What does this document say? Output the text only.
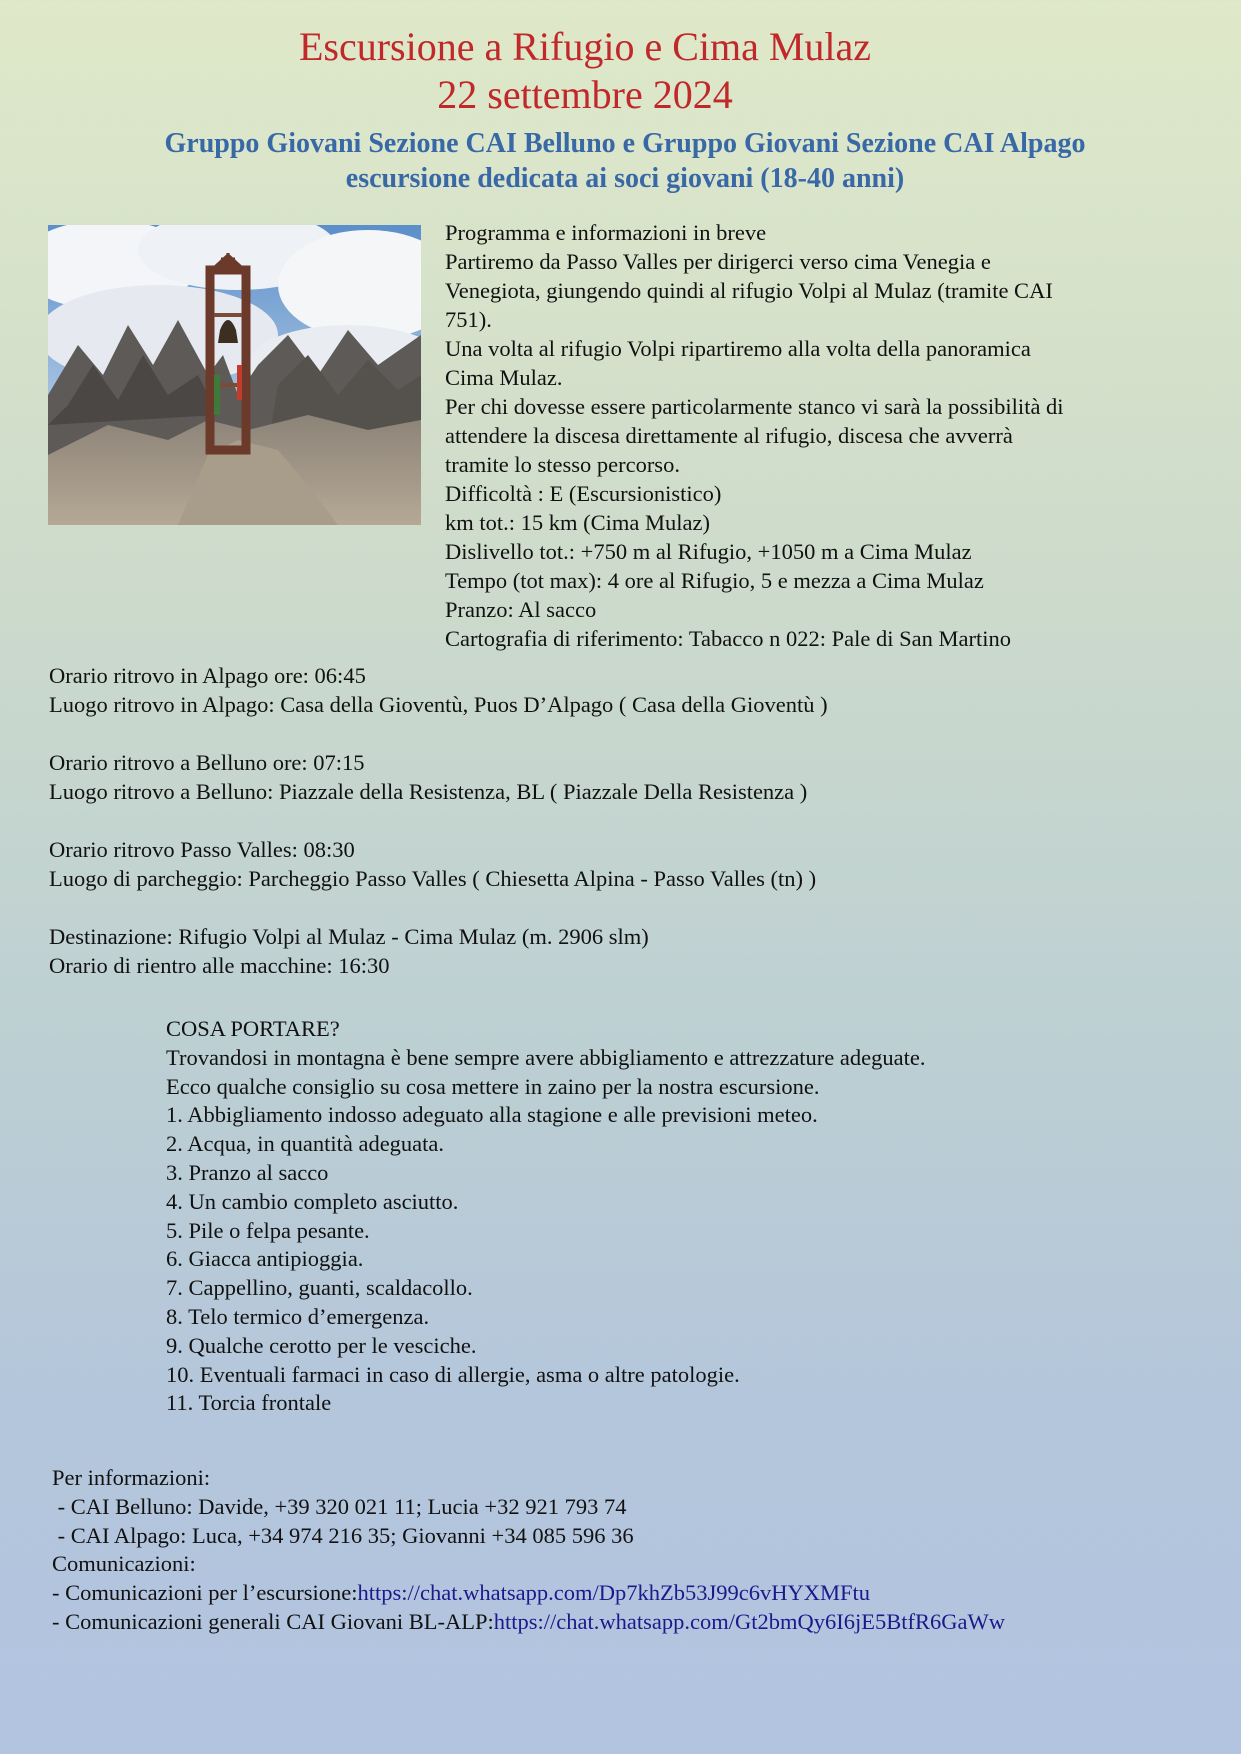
Escursione a Rifugio e Cima Mulaz
22 settembre 2024
Gruppo Giovani Sezione CAI Belluno e Gruppo Giovani Sezione CAI Alpago
escursione dedicata ai soci giovani (18-40 anni)
Programma e informazioni in breve
Partiremo da Passo Valles per dirigerci verso cima Venegia e
Venegiota, giungendo quindi al rifugio Volpi al Mulaz (tramite CAI
751).
Una volta al rifugio Volpi ripartiremo alla volta della panoramica
Cima Mulaz.
Per chi dovesse essere particolarmente stanco vi sarà la possibilità di
attendere la discesa direttamente al rifugio, discesa che avverrà
tramite lo stesso percorso.
Difficoltà : E (Escursionistico)
km tot.: 15 km (Cima Mulaz)
Dislivello tot.: +750 m al Rifugio, +1050 m a Cima Mulaz
Tempo (tot max): 4 ore al Rifugio, 5 e mezza a Cima Mulaz
Pranzo: Al sacco
Cartografia di riferimento: Tabacco n 022: Pale di San Martino
Orario ritrovo in Alpago ore: 06:45
Luogo ritrovo in Alpago: Casa della Gioventù, Puos D’Alpago ( Casa della Gioventù )
Orario ritrovo a Belluno ore: 07:15
Luogo ritrovo a Belluno: Piazzale della Resistenza, BL ( Piazzale Della Resistenza )
Orario ritrovo Passo Valles: 08:30
Luogo di parcheggio: Parcheggio Passo Valles ( Chiesetta Alpina - Passo Valles (tn) )
Destinazione: Rifugio Volpi al Mulaz - Cima Mulaz (m. 2906 slm)
Orario di rientro alle macchine: 16:30
COSA PORTARE?
Trovandosi in montagna è bene sempre avere abbigliamento e attrezzature adeguate.
Ecco qualche consiglio su cosa mettere in zaino per la nostra escursione.
1. Abbigliamento indosso adeguato alla stagione e alle previsioni meteo.
2. Acqua, in quantità adeguata.
3. Pranzo al sacco
4. Un cambio completo asciutto.
5. Pile o felpa pesante.
6. Giacca antipioggia.
7. Cappellino, guanti, scaldacollo.
8. Telo termico d’emergenza.
9. Qualche cerotto per le vesciche.
10. Eventuali farmaci in caso di allergie, asma o altre patologie.
11. Torcia frontale
Per informazioni:
- CAI Belluno: Davide, +39 320 021 11; Lucia +32 921 793 74
- CAI Alpago: Luca, +34 974 216 35; Giovanni +34 085 596 36
Comunicazioni:
- Comunicazioni per l’escursione:https://chat.whatsapp.com/Dp7khZb53J99c6vHYXMFtu
- Comunicazioni generali CAI Giovani BL-ALP:https://chat.whatsapp.com/Gt2bmQy6I6jE5BtfR6GaWw
